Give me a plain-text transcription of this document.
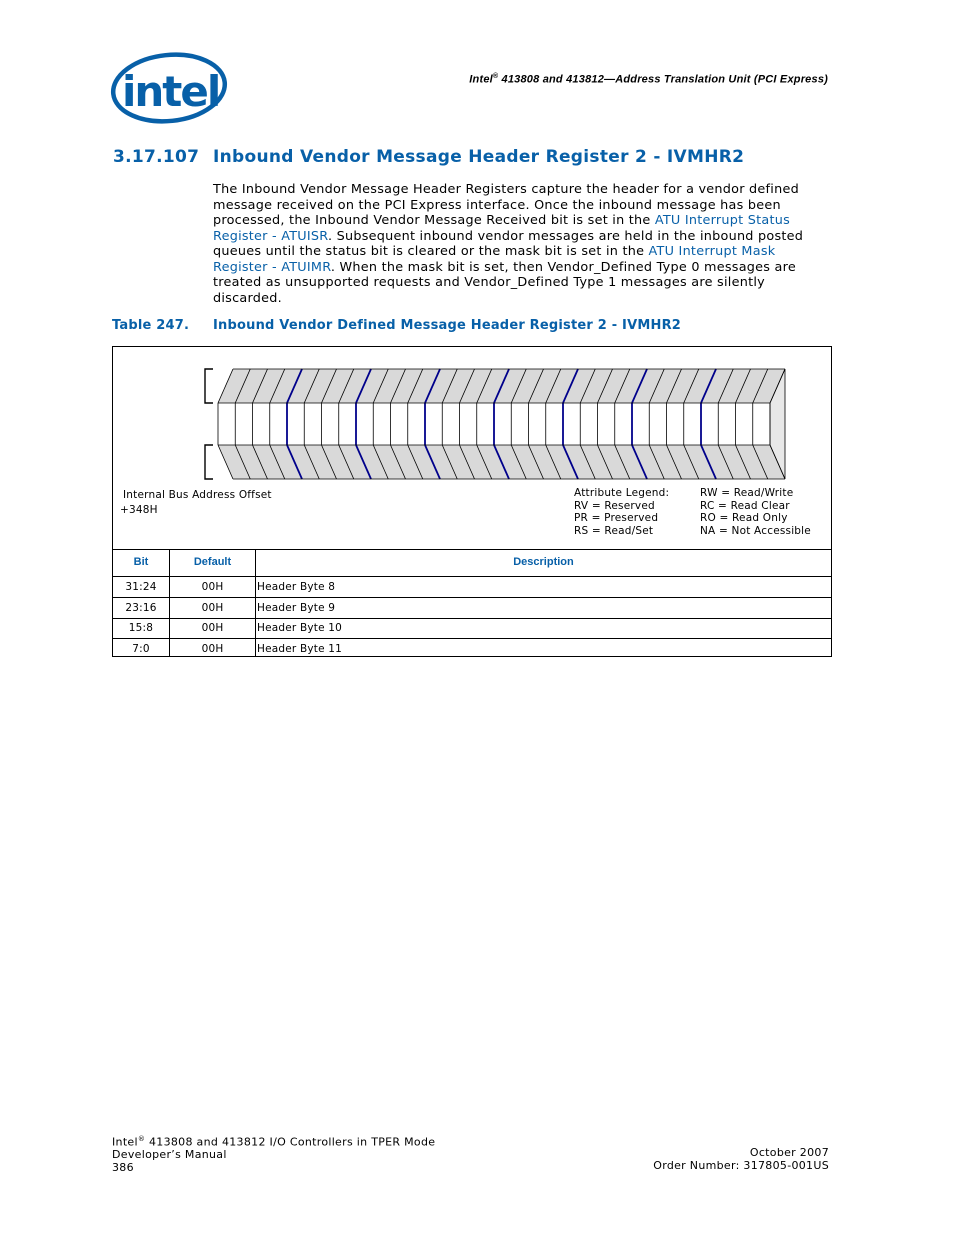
intel	Intel® 413808 and 413812—Address Translation Unit (PCI Express)
3.17.107 Inbound Vendor Message Header Register 2 - IVMHR2
The Inbound Vendor Message Header Registers capture the header for a vendor defined message received on the PCI Express interface. Once the inbound message has been processed, the Inbound Vendor Message Received bit is set in the ATU Interrupt Status Register - ATUISR. Subsequent inbound vendor messages are held in the inbound posted queues until the status bit is cleared or the mask bit is set in the ATU Interrupt Mask Register - ATUIMR. When the mask bit is set, then Vendor_Defined Type 0 messages are treated as unsupported requests and Vendor_Defined Type 1 messages are silently discarded.
Table 247. Inbound Vendor Defined Message Header Register 2 - IVMHR2
Internal Bus Address Offset
+348H
Attribute Legend:
RV = Reserved
PR = Preserved
RS = Read/Set
RW = Read/Write
RC = Read Clear
RO = Read Only
NA = Not Accessible
Bit	Default	Description
31:24	00H	Header Byte 8
23:16	00H	Header Byte 9
15:8	00H	Header Byte 10
7:0	00H	Header Byte 11
Intel® 413808 and 413812 I/O Controllers in TPER Mode
Developer’s Manual
386
October 2007
Order Number: 317805-001US
